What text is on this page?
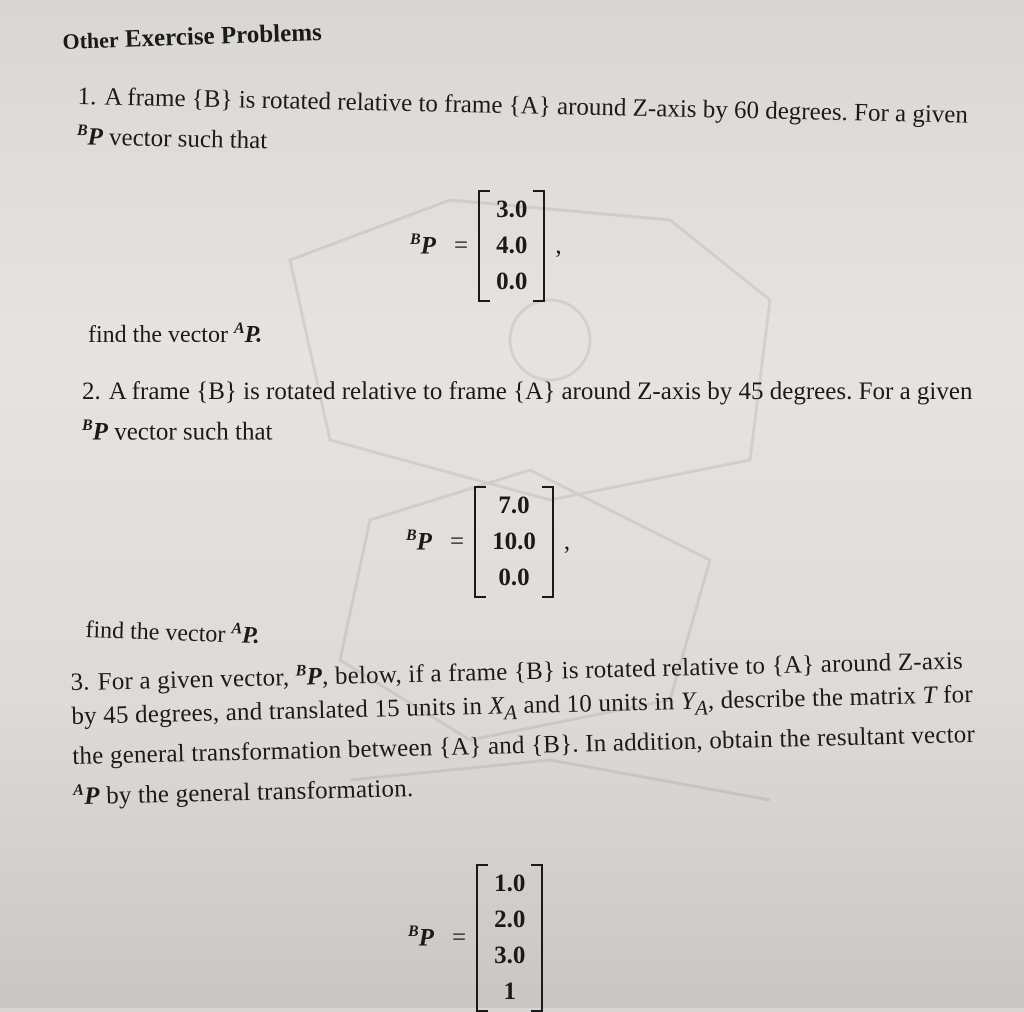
Other Exercise Problems
1. A frame {B} is rotated relative to frame {A} around Z-axis by 60 degrees. For a given $^B$P vector such that
$^B$P =
3.0
4.0
0.0
,
find the vector $^A$P.
2. A frame {B} is rotated relative to frame {A} around Z-axis by 45 degrees. For a given $^B$P vector such that
$^B$P =
7.0
10.0
0.0
,
find the vector $^A$P.
3. For a given vector, $^B$P, below, if a frame {B} is rotated relative to {A} around Z-axis by 45 degrees, and translated 15 units in $X_A$ and 10 units in $Y_A$, describe the matrix T for the general transformation between {A} and {B}. In addition, obtain the resultant vector $^A$P by the general transformation.
$^B$P =
1.0
2.0
3.0
1
